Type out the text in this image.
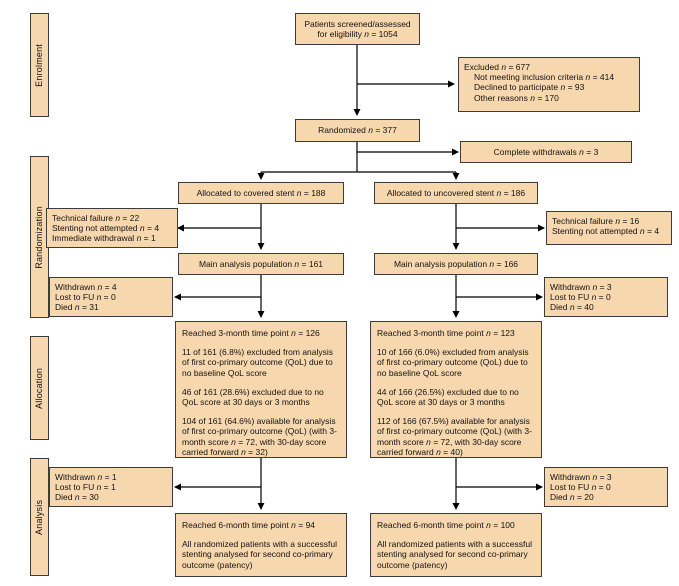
Enrolment
Randomization
Allocation
Analysis
Patients screened/assessed for eligibility n = 1054
Excluded n = 677
Not meeting inclusion criteria n = 414
Declined to participate n = 93
Other reasons n = 170
Randomized n = 377
Complete withdrawals n = 3
Allocated to covered stent n = 188	Allocated to uncovered stent n = 186
Technical failure n = 22
Stenting not attempted n = 4
Immediate withdrawal n = 1
Technical failure n = 16
Stenting not attempted n = 4
Main analysis population n = 161	Main analysis population n = 166
Withdrawn n = 4
Lost to FU n = 0
Died n = 31
Withdrawn n = 3
Lost to FU n = 0
Died n = 40

Reached 3-month time point n = 126

11 of 161 (6.8%) excluded from analysis of first co-primary outcome (QoL) due to no baseline QoL score

46 of 161 (28.6%) excluded due to no QoL score at 30 days or 3 months

104 of 161 (64.6%) available for analysis of first co-primary outcome (QoL) (with 3-month score n = 72, with 30-day score carried forward n = 32)

Reached 3-month time point n = 123

10 of 166 (6.0%) excluded from analysis of first co-primary outcome (QoL) due to no baseline QoL score

44 of 166 (26.5%) excluded due to no QoL score at 30 days or 3 months

112 of 166 (67.5%) available for analysis of first co-primary outcome (QoL) (with 3-month score n = 72, with 30-day score carried forward n = 40)

Withdrawn n = 1
Lost to FU n = 1
Died n = 30
Withdrawn n = 3
Lost to FU n = 0
Died n = 20

Reached 6-month time point n = 94

All randomized patients with a successful stenting analysed for second co-primary outcome (patency)

Reached 6-month time point n = 100

All randomized patients with a successful stenting analysed for second co-primary outcome (patency)
